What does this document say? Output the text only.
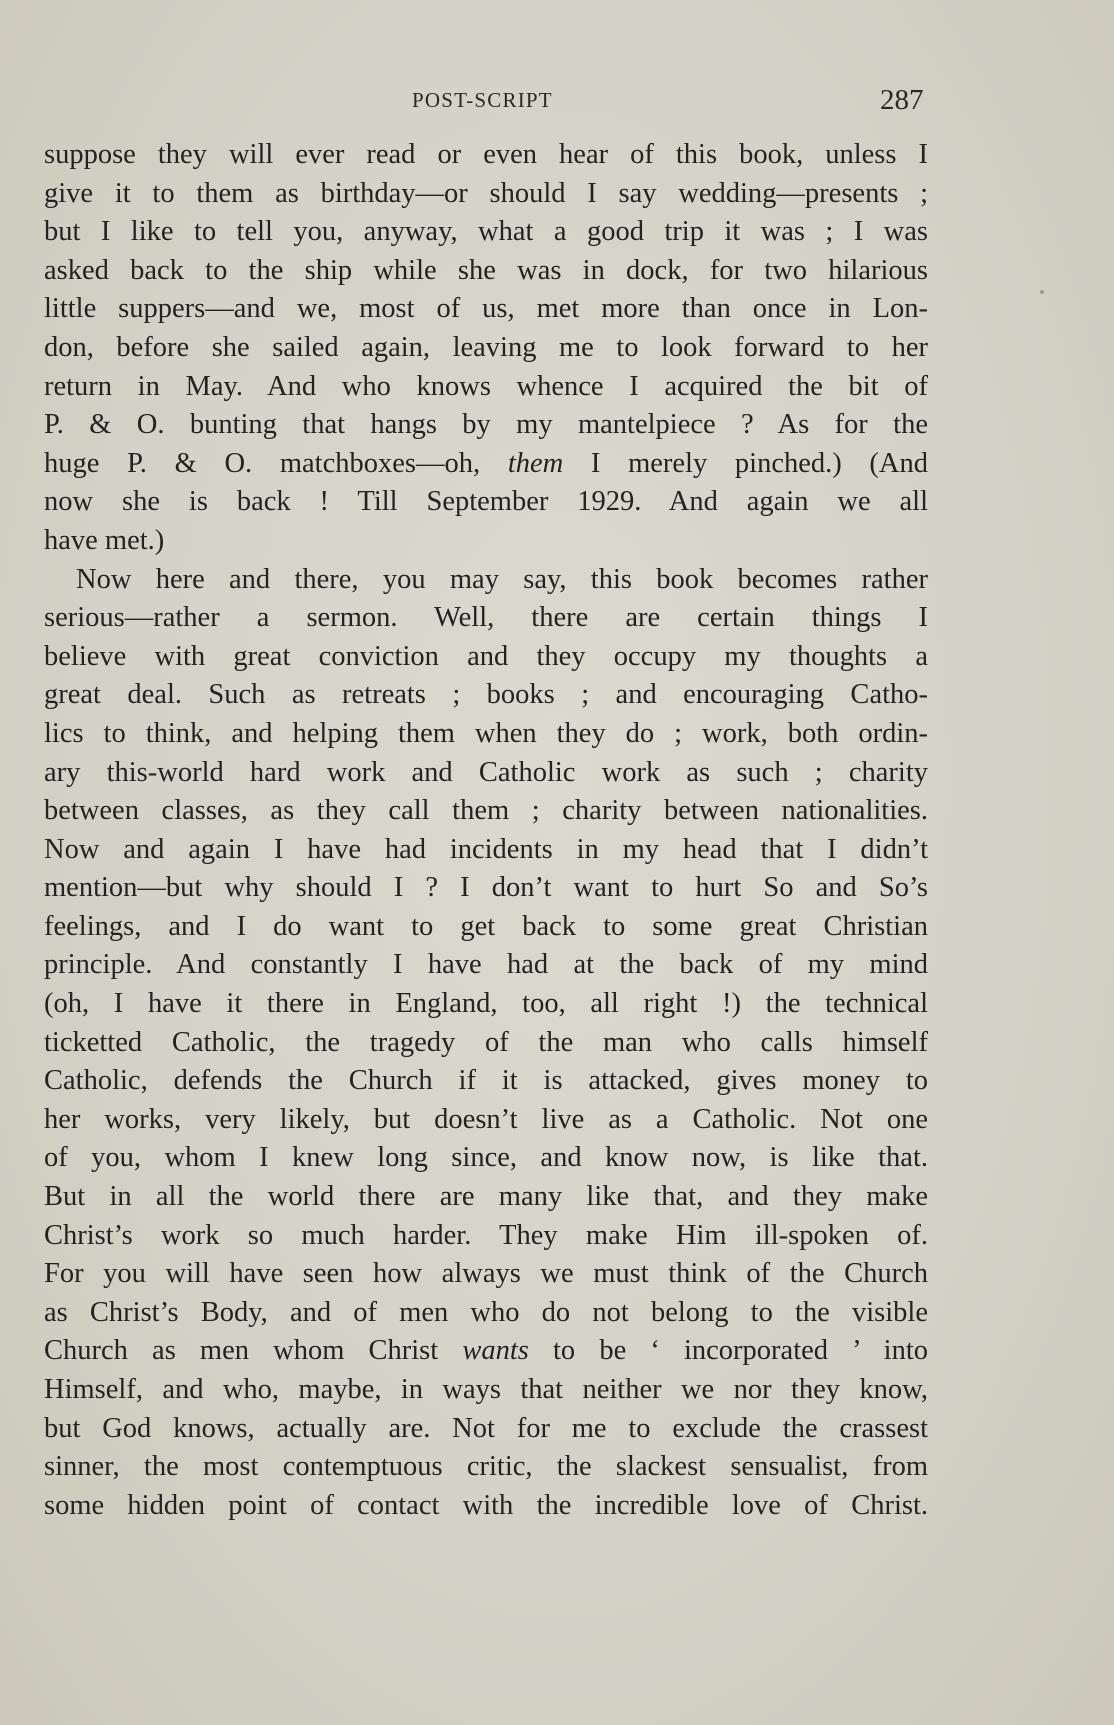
POST-SCRIPT	287
suppose they will ever read or even hear of this book, unless I
give it to them as birthday—or should I say wedding—presents ;
but I like to tell you, anyway, what a good trip it was ; I was
asked back to the ship while she was in dock, for two hilarious
little suppers—and we, most of us, met more than once in Lon-
don, before she sailed again, leaving me to look forward to her
return in May. And who knows whence I acquired the bit of
P. & O. bunting that hangs by my mantelpiece ? As for the
huge P. & O. matchboxes—oh, them I merely pinched.) (And
now she is back ! Till September 1929. And again we all
have met.)
Now here and there, you may say, this book becomes rather
serious—rather a sermon. Well, there are certain things I
believe with great conviction and they occupy my thoughts a
great deal. Such as retreats ; books ; and encouraging Catho-
lics to think, and helping them when they do ; work, both ordin-
ary this-world hard work and Catholic work as such ; charity
between classes, as they call them ; charity between nationalities.
Now and again I have had incidents in my head that I didn’t
mention—but why should I ? I don’t want to hurt So and So’s
feelings, and I do want to get back to some great Christian
principle. And constantly I have had at the back of my mind
(oh, I have it there in England, too, all right !) the technical
ticketted Catholic, the tragedy of the man who calls himself
Catholic, defends the Church if it is attacked, gives money to
her works, very likely, but doesn’t live as a Catholic. Not one
of you, whom I knew long since, and know now, is like that.
But in all the world there are many like that, and they make
Christ’s work so much harder. They make Him ill-spoken of.
For you will have seen how always we must think of the Church
as Christ’s Body, and of men who do not belong to the visible
Church as men whom Christ wants to be ‘ incorporated ’ into
Himself, and who, maybe, in ways that neither we nor they know,
but God knows, actually are. Not for me to exclude the crassest
sinner, the most contemptuous critic, the slackest sensualist, from
some hidden point of contact with the incredible love of Christ.
